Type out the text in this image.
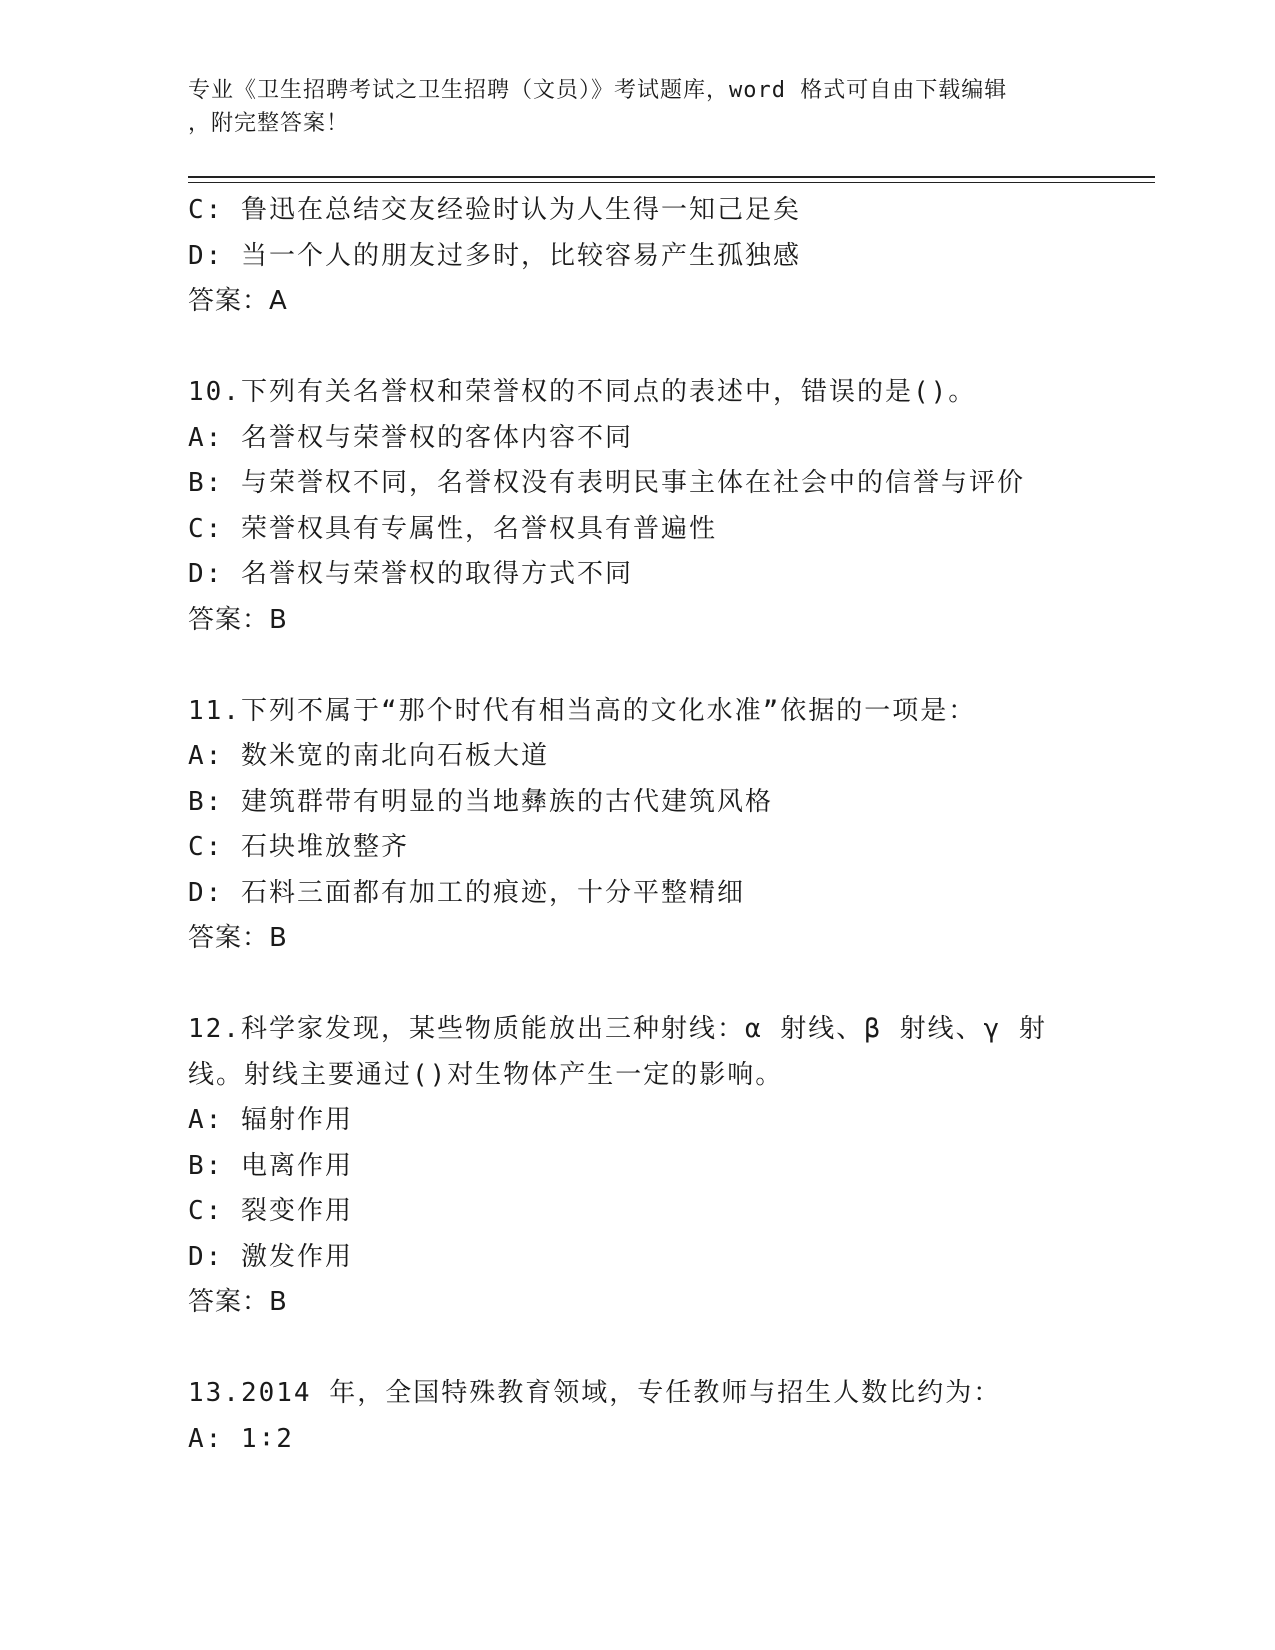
专业《卫生招聘考试之卫生招聘（文员）》考试题库，word 格式可自由下载编辑
，附完整答案！
C: 鲁迅在总结交友经验时认为人生得一知己足矣
D: 当一个人的朋友过多时，比较容易产生孤独感
答案：A
10.下列有关名誉权和荣誉权的不同点的表述中，错误的是()。
A: 名誉权与荣誉权的客体内容不同
B: 与荣誉权不同，名誉权没有表明民事主体在社会中的信誉与评价
C: 荣誉权具有专属性，名誉权具有普遍性
D: 名誉权与荣誉权的取得方式不同
答案：B
11.下列不属于“那个时代有相当高的文化水准”依据的一项是：
A: 数米宽的南北向石板大道
B: 建筑群带有明显的当地彝族的古代建筑风格
C: 石块堆放整齐
D: 石料三面都有加工的痕迹，十分平整精细
答案：B
12.科学家发现，某些物质能放出三种射线：α 射线、β 射线、γ 射
线。射线主要通过()对生物体产生一定的影响。
A: 辐射作用
B: 电离作用
C: 裂变作用
D: 激发作用
答案：B
13.2014 年，全国特殊教育领域，专任教师与招生人数比约为：
A: 1∶2
